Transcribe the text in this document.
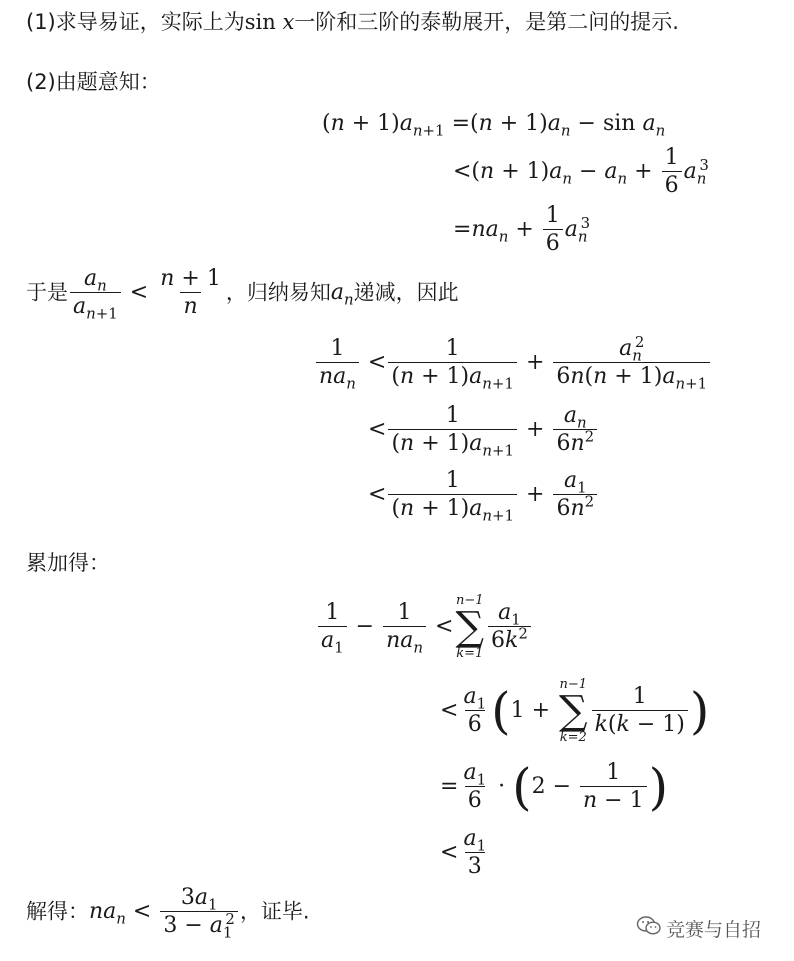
(1)求导易证，实际上为sin x一阶和三阶的泰勒展开，是第二问的提示.
(2)由题意知：
$(n + 1)a_{n+1} =(n + 1)a_n - \sin a_n$
$<(n + 1)a_n - a_n + \frac{1}{6} a_n^3$
$=na_n + \frac{1}{6} a_n^3$
于是 $\frac{a_n}{a_{n+1}} < \frac{n + 1}{n}$ ，归纳易知$a_n$递减，因此
$\frac{1}{na_n} < \frac{1}{(n + 1)a_{n+1}} + \frac{a_n^2}{6n(n + 1)a_{n+1}}$
< $\frac{1}{(n + 1)a_{n+1}} + \frac{a_n}{6n^2}$
< $\frac{1}{(n + 1)a_{n+1}} + \frac{a_1}{6n^2}$
累加得：
$\frac{1}{a_1} - \frac{1}{na_n}$ <
n−1
∑
k=1
$\frac{a_1}{6k^2}$
< $\frac{a_1}{6} (1$ +
n−1
∑
k=2
$\frac{1}{k(k - 1)}$ )
= $\frac{a_1}{6} \cdot (2 - \frac{1}{n - 1}$ )
< $\frac{a_1}{3}$
解得：$na_n < \frac{3a_1}{3 - a_1^2}$ ，证毕.
竞赛与自招
